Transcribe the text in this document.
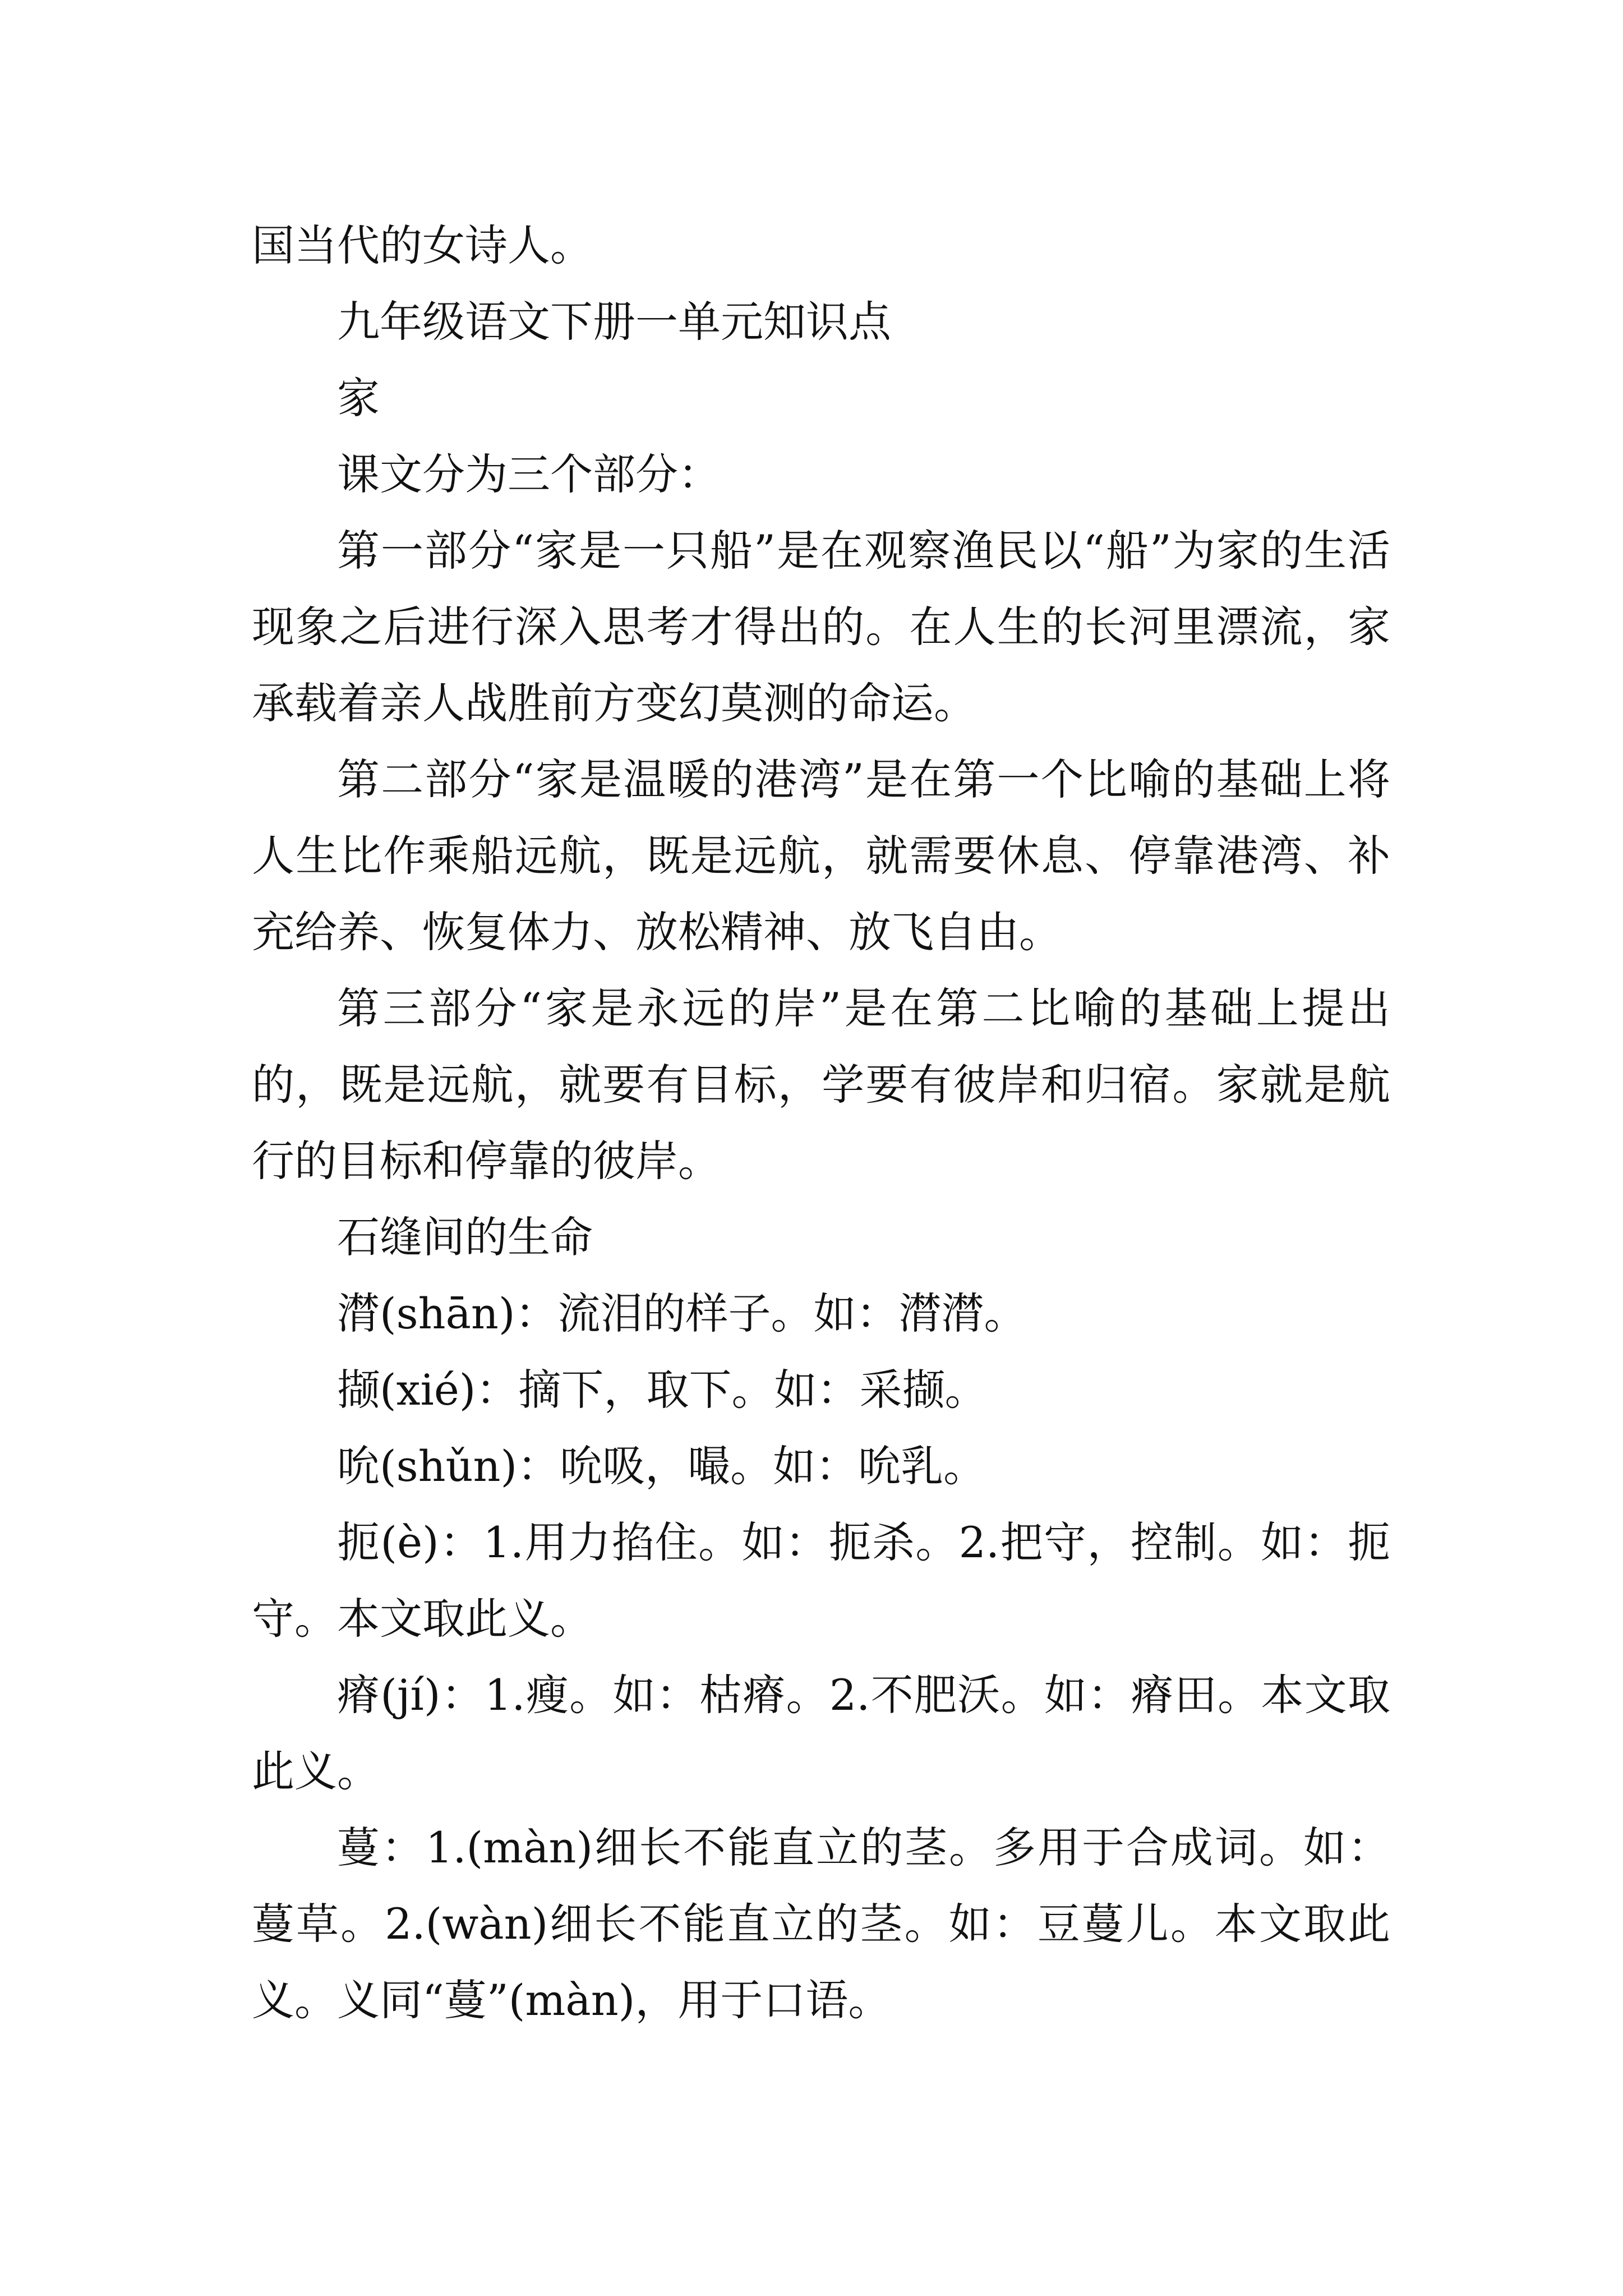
国当代的女诗人。

九年级语文下册一单元知识点

家

课文分为三个部分：

第一部分“家是一只船”是在观察渔民以“船”为家的生活现象之后进行深入思考才得出的。在人生的长河里漂流，家承载着亲人战胜前方变幻莫测的命运。

第二部分“家是温暖的港湾”是在第一个比喻的基础上将人生比作乘船远航，既是远航，就需要休息、停靠港湾、补充给养、恢复体力、放松精神、放飞自由。

第三部分“家是永远的岸”是在第二比喻的基础上提出的，既是远航，就要有目标，学要有彼岸和归宿。家就是航行的目标和停靠的彼岸。

石缝间的生命

潸(shān)：流泪的样子。如：潸潸。

撷(xié)：摘下，取下。如：采撷。

吮(shǔn)：吮吸，嘬。如：吮乳。

扼(è)：1.用力掐住。如：扼杀。2.把守，控制。如：扼守。本文取此义。

瘠(jí)：1.瘦。如：枯瘠。2.不肥沃。如：瘠田。本文取此义。

蔓：1.(màn)细长不能直立的茎。多用于合成词。如：蔓草。2.(wàn)细长不能直立的茎。如：豆蔓儿。本文取此义。义同“蔓”(màn)，用于口语。
